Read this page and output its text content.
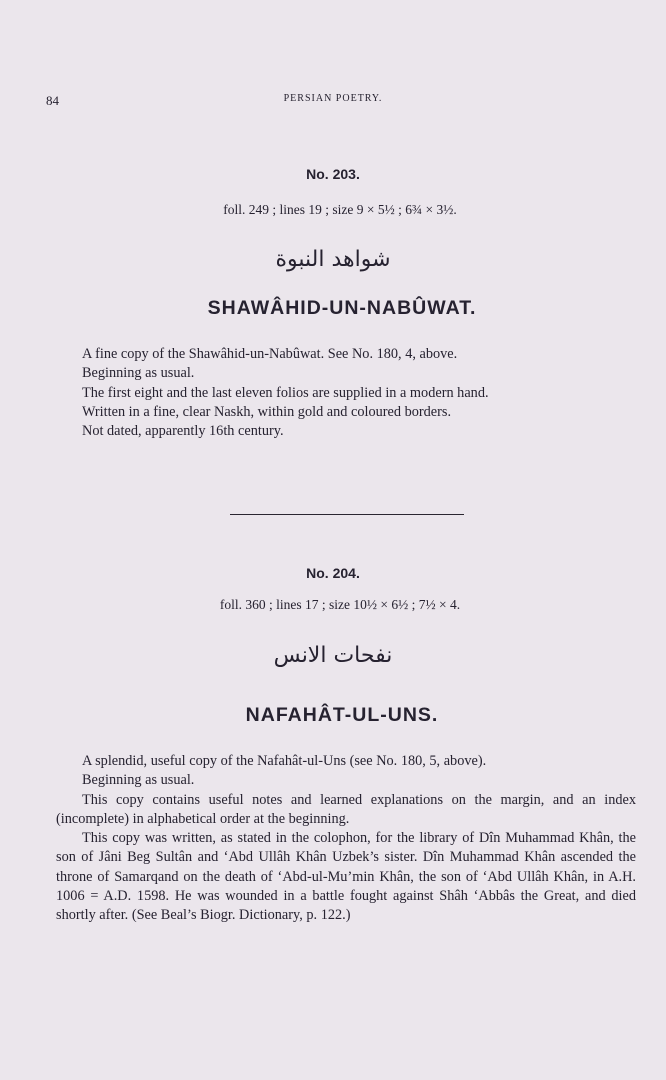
84	PERSIAN POETRY.
No. 203.
foll. 249 ; lines 19 ; size 9 × 5½ ; 6¾ × 3½.
شواهد النبوة
SHAWÂHID-UN-NABÛWAT.

A fine copy of the Shawâhid-un-Nabûwat. See No. 180, 4, above.

Beginning as usual.

The first eight and the last eleven folios are supplied in a modern hand.

Written in a fine, clear Naskh, within gold and coloured borders.

Not dated, apparently 16th century.

No. 204.
foll. 360 ; lines 17 ; size 10½ × 6½ ; 7½ × 4.
نفحات الانس
NAFAHÂT-UL-UNS.

A splendid, useful copy of the Nafahât-ul-Uns (see No. 180, 5, above).

Beginning as usual.

This copy contains useful notes and learned explanations on the margin, and an index (incomplete) in alphabetical order at the beginning.

This copy was written, as stated in the colophon, for the library of Dîn Muhammad Khân, the son of Jâni Beg Sultân and ‘Abd Ullâh Khân Uzbek’s sister. Dîn Muhammad Khân ascended the throne of Samarqand on the death of ‘Abd-ul-Mu’min Khân, the son of ‘Abd Ullâh Khân, in A.H. 1006 = A.D. 1598. He was wounded in a battle fought against Shâh ‘Abbâs the Great, and died shortly after. (See Beal’s Biogr. Dictionary, p. 122.)
